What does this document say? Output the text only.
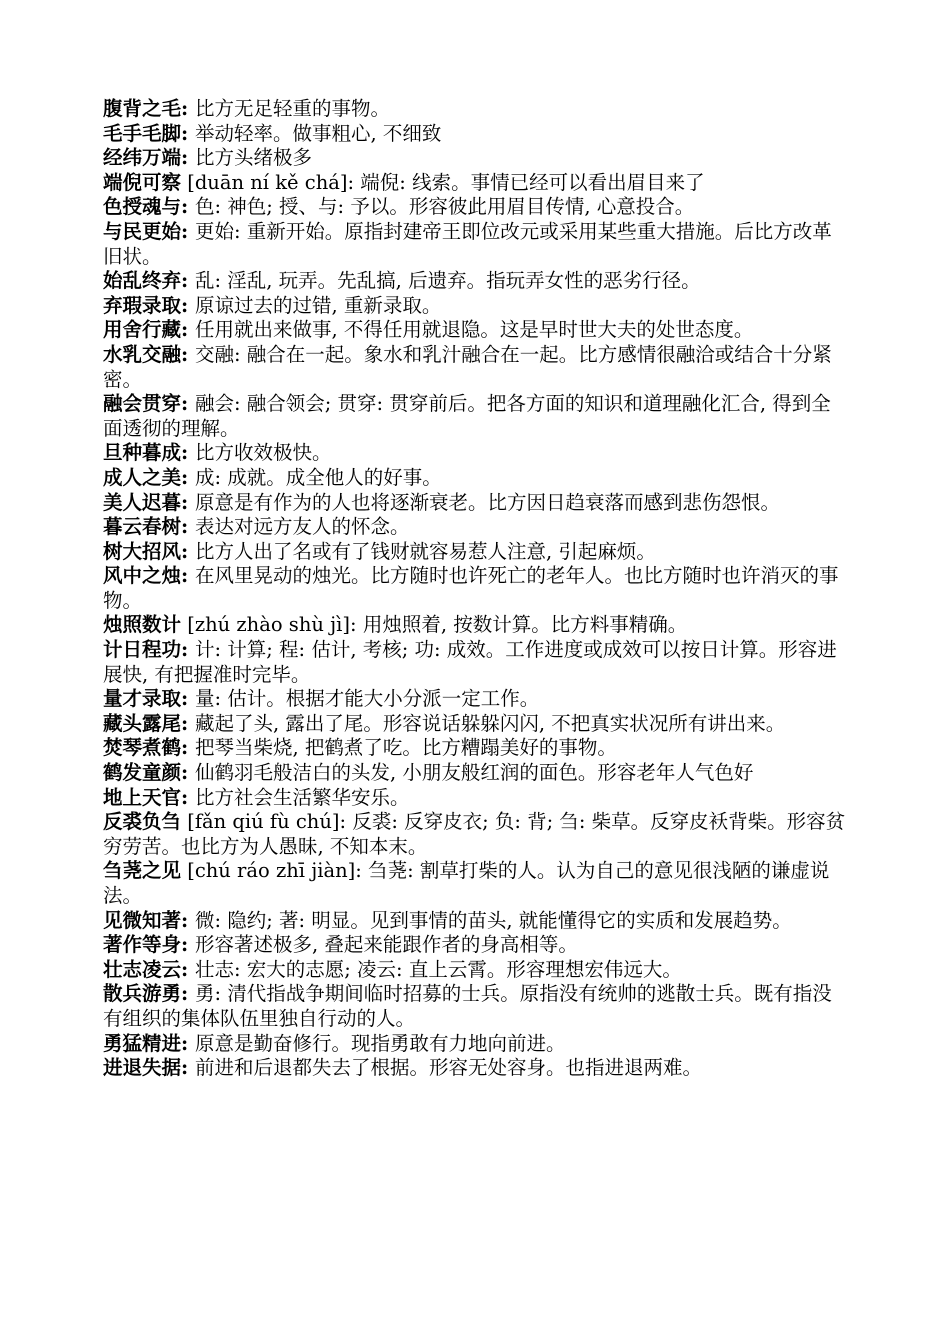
腹背之毛: 比方无足轻重的事物。

毛手毛脚: 举动轻率。做事粗心, 不细致

经纬万端: 比方头绪极多

端倪可察 [duān ní kě chá]: 端倪: 线索。事情已经可以看出眉目来了

色授魂与: 色: 神色; 授、与: 予以。形容彼此用眉目传情, 心意投合。

与民更始: 更始: 重新开始。原指封建帝王即位改元或采用某些重大措施。后比方改革旧状。

始乱终弃: 乱: 淫乱, 玩弄。先乱搞, 后遗弃。指玩弄女性的恶劣行径。

弃瑕录取: 原谅过去的过错, 重新录取。

用舍行藏: 任用就出来做事, 不得任用就退隐。这是早时世大夫的处世态度。

水乳交融: 交融: 融合在一起。象水和乳汁融合在一起。比方感情很融洽或结合十分紧密。

融会贯穿: 融会: 融合领会; 贯穿: 贯穿前后。把各方面的知识和道理融化汇合, 得到全面透彻的理解。

旦种暮成: 比方收效极快。

成人之美: 成: 成就。成全他人的好事。

美人迟暮: 原意是有作为的人也将逐渐衰老。比方因日趋衰落而感到悲伤怨恨。

暮云春树: 表达对远方友人的怀念。

树大招风: 比方人出了名或有了钱财就容易惹人注意, 引起麻烦。

风中之烛: 在风里晃动的烛光。比方随时也许死亡的老年人。也比方随时也许消灭的事物。

烛照数计 [zhú zhào shù jì]: 用烛照着, 按数计算。比方料事精确。

计日程功: 计: 计算; 程: 估计, 考核; 功: 成效。工作进度或成效可以按日计算。形容进展快, 有把握准时完毕。

量才录取: 量: 估计。根据才能大小分派一定工作。

藏头露尾: 藏起了头, 露出了尾。形容说话躲躲闪闪, 不把真实状况所有讲出来。

焚琴煮鹤: 把琴当柴烧, 把鹤煮了吃。比方糟蹋美好的事物。

鹤发童颜: 仙鹤羽毛般洁白的头发, 小朋友般红润的面色。形容老年人气色好

地上天官: 比方社会生活繁华安乐。

反裘负刍 [fǎn qiú fù chú]: 反裘: 反穿皮衣; 负: 背; 刍: 柴草。反穿皮袄背柴。形容贫穷劳苦。也比方为人愚昧, 不知本末。

刍荛之见 [chú ráo zhī jiàn]: 刍荛: 割草打柴的人。认为自己的意见很浅陋的谦虚说法。

见微知著: 微: 隐约; 著: 明显。见到事情的苗头, 就能懂得它的实质和发展趋势。

著作等身: 形容著述极多, 叠起来能跟作者的身高相等。

壮志凌云: 壮志: 宏大的志愿; 凌云: 直上云霄。形容理想宏伟远大。

散兵游勇: 勇: 清代指战争期间临时招募的士兵。原指没有统帅的逃散士兵。既有指没有组织的集体队伍里独自行动的人。

勇猛精进: 原意是勤奋修行。现指勇敢有力地向前进。

进退失据: 前进和后退都失去了根据。形容无处容身。也指进退两难。
